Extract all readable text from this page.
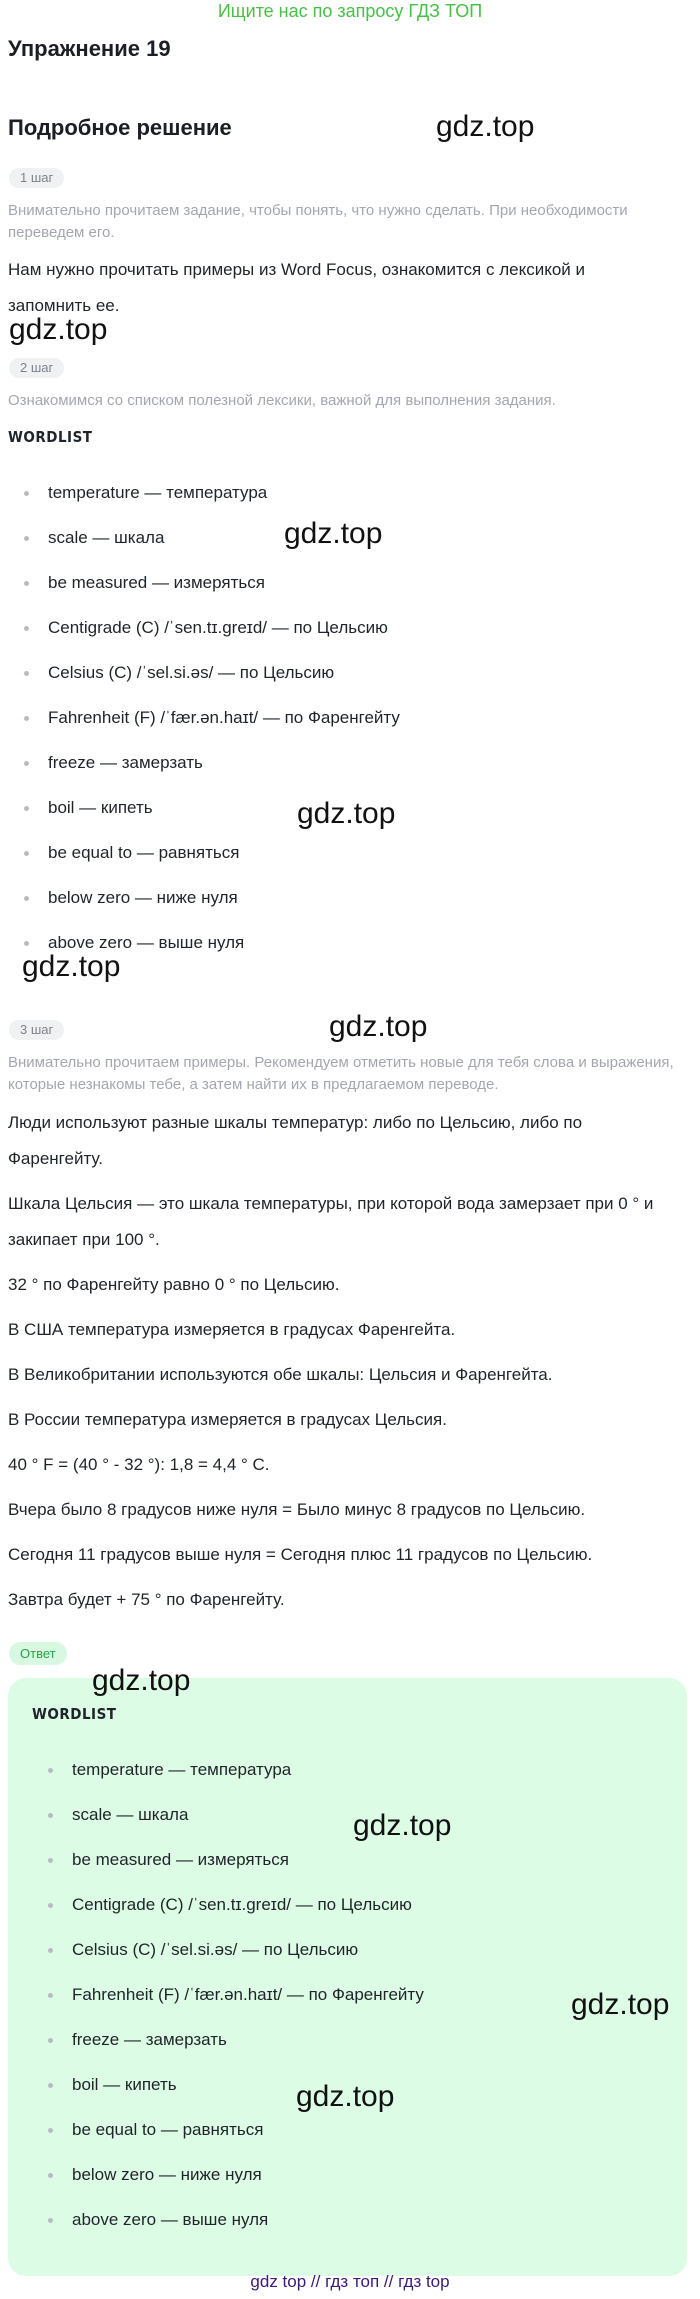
Ищите нас по запросу ГДЗ ТОП
Упражнение 19
Подробное решение
1 шаг
Внимательно прочитаем задание, чтобы понять, что нужно сделать. При необходимости переведем его.
Нам нужно прочитать примеры из Word Focus, ознакомится с лексикой и запомнить ее.
2 шаг
Ознакомимся со списком полезной лексики, важной для выполнения задания.
WORDLIST
temperature — температура
scale — шкала
be measured — измеряться
Centigrade (C) /ˈsen.tɪ.greɪd/ — по Цельсию
Celsius (C) /ˈsel.si.əs/ — по Цельсию
Fahrenheit (F) /ˈfær.ən.haɪt/ — по Фаренгейту
freeze — замерзать
boil — кипеть
be equal to — равняться
below zero — ниже нуля
above zero — выше нуля
3 шаг
Внимательно прочитаем примеры. Рекомендуем отметить новые для тебя слова и выражения, которые незнакомы тебе, а затем найти их в предлагаемом переводе.
Люди используют разные шкалы температур: либо по Цельсию, либо по Фаренгейту.
Шкала Цельсия — это шкала температуры, при которой вода замерзает при 0 ° и закипает при 100 °.
32 ° по Фаренгейту равно 0 ° по Цельсию.
В США температура измеряется в градусах Фаренгейта.
В Великобритании используются обе шкалы: Цельсия и Фаренгейта.
В России температура измеряется в градусах Цельсия.
40 ° F = (40 ° - 32 °): 1,8 = 4,4 ° C.
Вчера было 8 градусов ниже нуля = Было минус 8 градусов по Цельсию.
Сегодня 11 градусов выше нуля = Сегодня плюс 11 градусов по Цельсию.
Завтра будет + 75 ° по Фаренгейту.
Ответ
WORDLIST
temperature — температура
scale — шкала
be measured — измеряться
Centigrade (C) /ˈsen.tɪ.greɪd/ — по Цельсию
Celsius (C) /ˈsel.si.əs/ — по Цельсию
Fahrenheit (F) /ˈfær.ən.haɪt/ — по Фаренгейту
freeze — замерзать
boil — кипеть
be equal to — равняться
below zero — ниже нуля
above zero — выше нуля
gdz.top
gdz.top
gdz.top
gdz.top
gdz.top
gdz.top
gdz.top
gdz.top
gdz.top
gdz.top
gdz top // гдз топ // гдз top
